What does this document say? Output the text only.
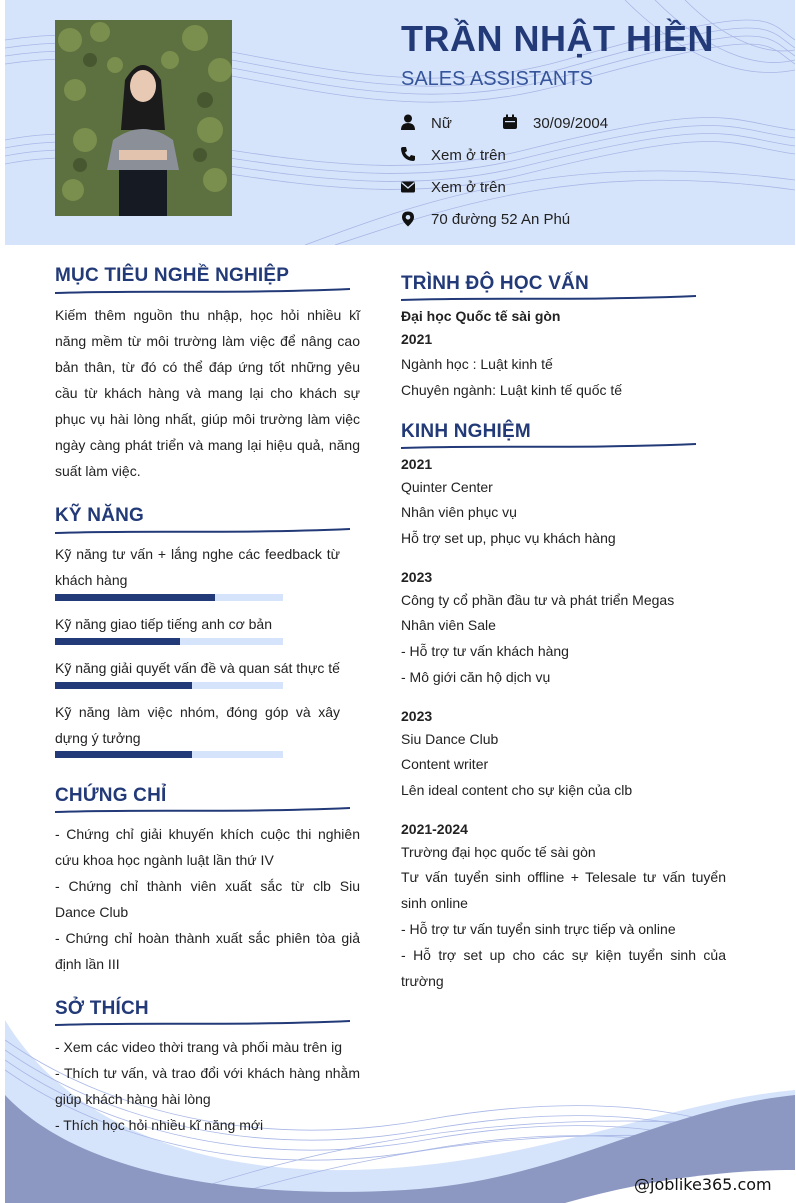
TRẦN NHẬT HIỀN
SALES ASSISTANTS
Nữ	30/09/2004
Xem ở trên
Xem ở trên
70 đường 52 An Phú
MỤC TIÊU NGHỀ NGHIỆP
Kiếm thêm nguồn thu nhập, học hỏi nhiều kĩ năng mềm từ môi trường làm việc để nâng cao bản thân, từ đó có thể đáp ứng tốt những yêu cầu từ khách hàng và mang lại cho khách sự phục vụ hài lòng nhất, giúp môi trường làm việc ngày càng phát triển và mang lại hiệu quả, năng suất làm việc.
KỸ NĂNG
Kỹ năng tư vấn + lắng nghe các feedback từ khách hàng
Kỹ năng giao tiếp tiếng anh cơ bản
Kỹ năng giải quyết vấn đề và quan sát thực tế
Kỹ năng làm việc nhóm, đóng góp và xây dựng ý tưởng
CHỨNG CHỈ
- Chứng chỉ giải khuyến khích cuộc thi nghiên cứu khoa học ngành luật lần thứ IV
- Chứng chỉ thành viên xuất sắc từ clb Siu Dance Club
- Chứng chỉ hoàn thành xuất sắc phiên tòa giả định lần III
SỞ THÍCH
- Xem các video thời trang và phối màu trên ig
- Thích tư vấn, và trao đổi với khách hàng nhằm giúp khách hàng hài lòng
- Thích học hỏi nhiều kĩ năng mới
TRÌNH ĐỘ HỌC VẤN
Đại học Quốc tế sài gòn
2021
Ngành học : Luật kinh tế
Chuyên ngành: Luật kinh tế quốc tế
KINH NGHIỆM
2021
Quinter Center
Nhân viên phục vụ
Hỗ trợ set up, phục vụ khách hàng
2023
Công ty cổ phần đầu tư và phát triển Megas
Nhân viên Sale
- Hỗ trợ tư vấn khách hàng
- Mô giới căn hộ dịch vụ
2023
Siu Dance Club
Content writer
Lên ideal content cho sự kiện của clb
2021-2024
Trường đại học quốc tế sài gòn
Tư vấn tuyển sinh offline + Telesale tư vấn tuyển sinh online
- Hỗ trợ tư vấn tuyển sinh trực tiếp và online
- Hỗ trợ set up cho các sự kiện tuyển sinh của trường
@joblike365.com
